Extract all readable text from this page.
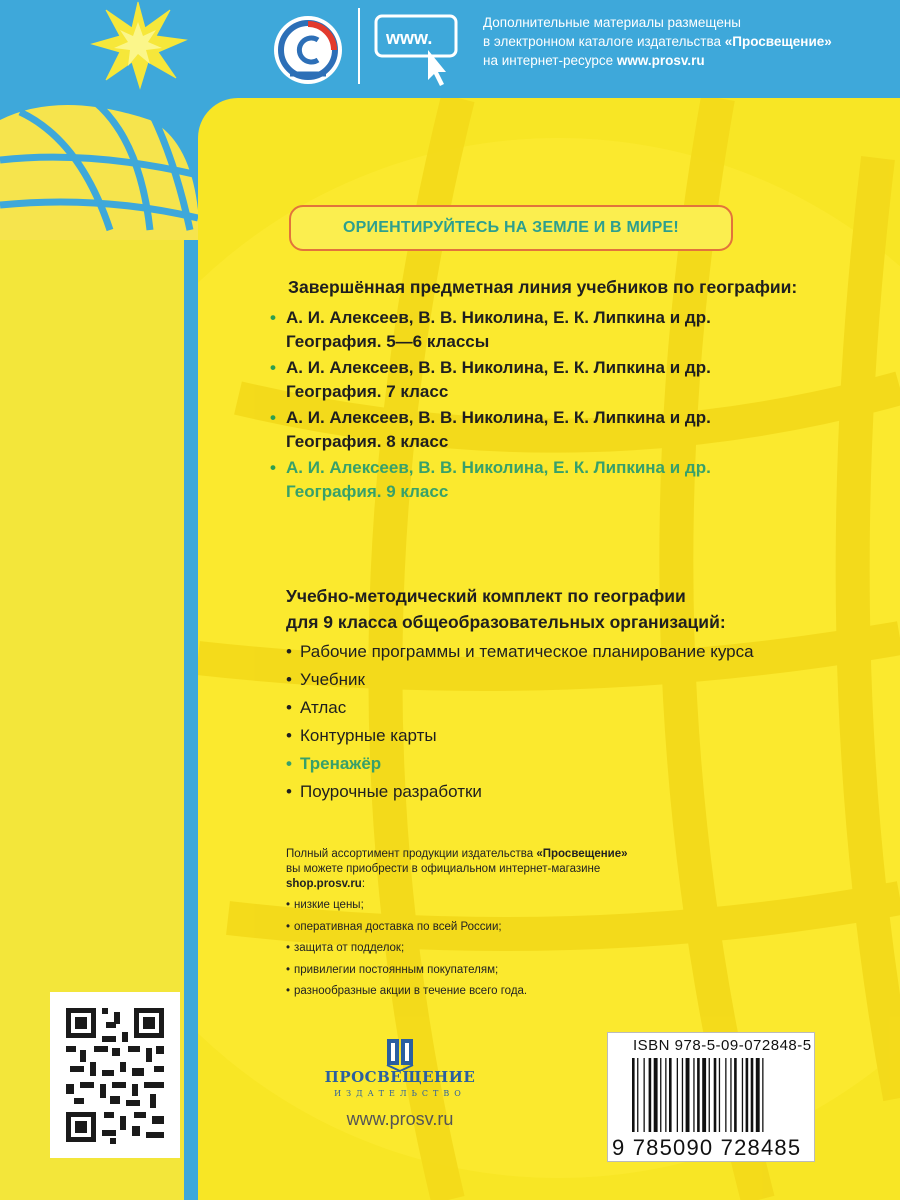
www.
Дополнительные материалы размещены
в электронном каталоге издательства «Просвещение»
на интернет-ресурсе www.prosv.ru
ОРИЕНТИРУЙТЕСЬ НА ЗЕМЛЕ И В МИРЕ!
Завершённая предметная линия учебников по географии:
• А. И. Алексеев, В. В. Николина, Е. К. Липкина и др.
География. 5—6 классы
• А. И. Алексеев, В. В. Николина, Е. К. Липкина и др.
География. 7 класс
• А. И. Алексеев, В. В. Николина, Е. К. Липкина и др.
География. 8 класс
• А. И. Алексеев, В. В. Николина, Е. К. Липкина и др.
География. 9 класс
Учебно-методический комплект по географии
для 9 класса общеобразовательных организаций:
• Рабочие программы и тематическое планирование курса
• Учебник
• Атлас
• Контурные карты
• Тренажёр
• Поурочные разработки
Полный ассортимент продукции издательства «Просвещение»
вы можете приобрести в официальном интернет-магазине
shop.prosv.ru:
• низкие цены;
• оперативная доставка по всей России;
• защита от подделок;
• привилегии постоянным покупателям;
• разнообразные акции в течение всего года.
ПРОСВЕЩЕНИЕ
ИЗДАТЕЛЬСТВО
www.prosv.ru
ISBN 978-5-09-072848-5
9 785090 728485
